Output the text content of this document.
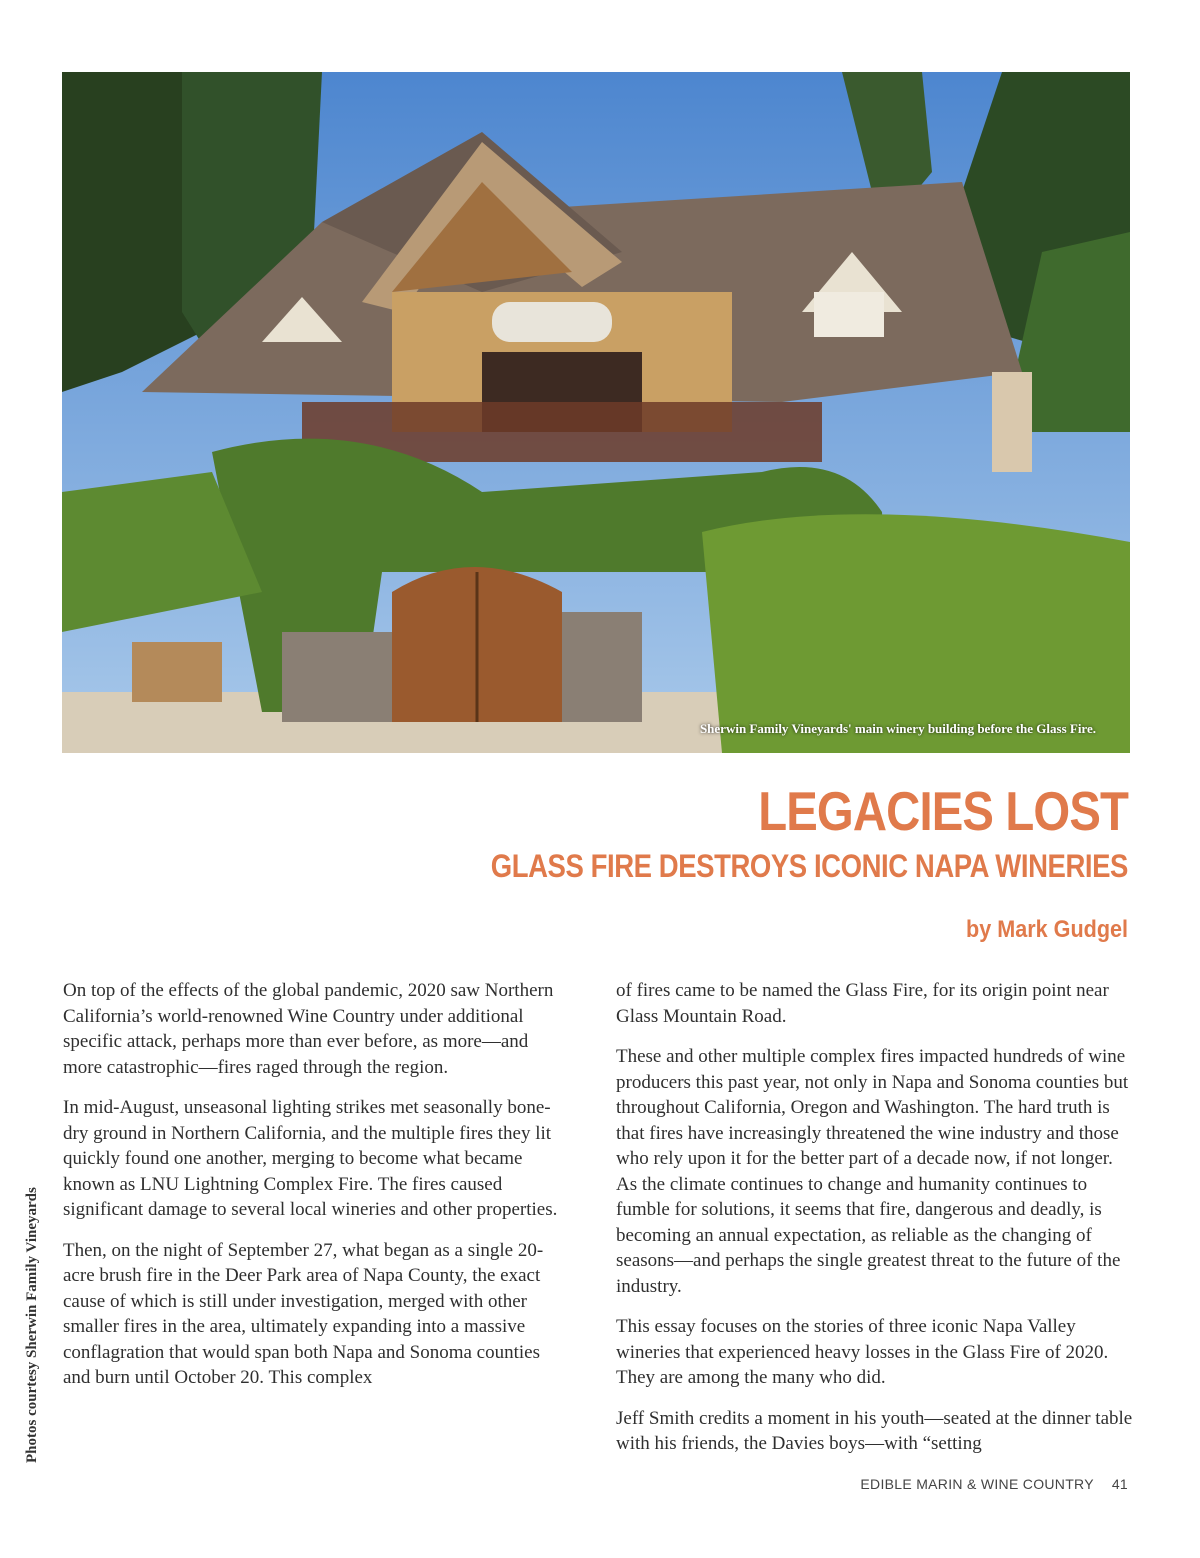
Sherwin Family Vineyards' main winery building before the Glass Fire.
LEGACIES LOST
GLASS FIRE DESTROYS ICONIC NAPA WINERIES
by Mark Gudgel

On top of the effects of the global pandemic, 2020 saw Northern California’s world-renowned Wine Country under additional specific attack, perhaps more than ever before, as more—and more catastrophic—fires raged through the region.

In mid-August, unseasonal lighting strikes met seasonally bone-dry ground in Northern California, and the multiple fires they lit quickly found one another, merging to become what became known as LNU Lightning Complex Fire. The fires caused significant damage to several local wineries and other properties.

Then, on the night of September 27, what began as a single 20-acre brush fire in the Deer Park area of Napa County, the exact cause of which is still under investigation, merged with other smaller fires in the area, ultimately expanding into a massive conflagration that would span both Napa and Sonoma counties and burn until October 20. This complex

of fires came to be named the Glass Fire, for its origin point near Glass Mountain Road.

These and other multiple complex fires impacted hundreds of wine producers this past year, not only in Napa and Sonoma counties but throughout California, Oregon and Washington. The hard truth is that fires have increasingly threatened the wine industry and those who rely upon it for the better part of a decade now, if not longer. As the climate continues to change and humanity continues to fumble for solutions, it seems that fire, dangerous and deadly, is becoming an annual expectation, as reliable as the changing of seasons—and perhaps the single greatest threat to the future of the industry.

This essay focuses on the stories of three iconic Napa Valley wineries that experienced heavy losses in the Glass Fire of 2020. They are among the many who did.

Jeff Smith credits a moment in his youth—seated at the dinner table with his friends, the Davies boys—with “setting

Photos courtesy Sherwin Family Vineyards
EDIBLE MARIN & WINE COUNTRY 41
